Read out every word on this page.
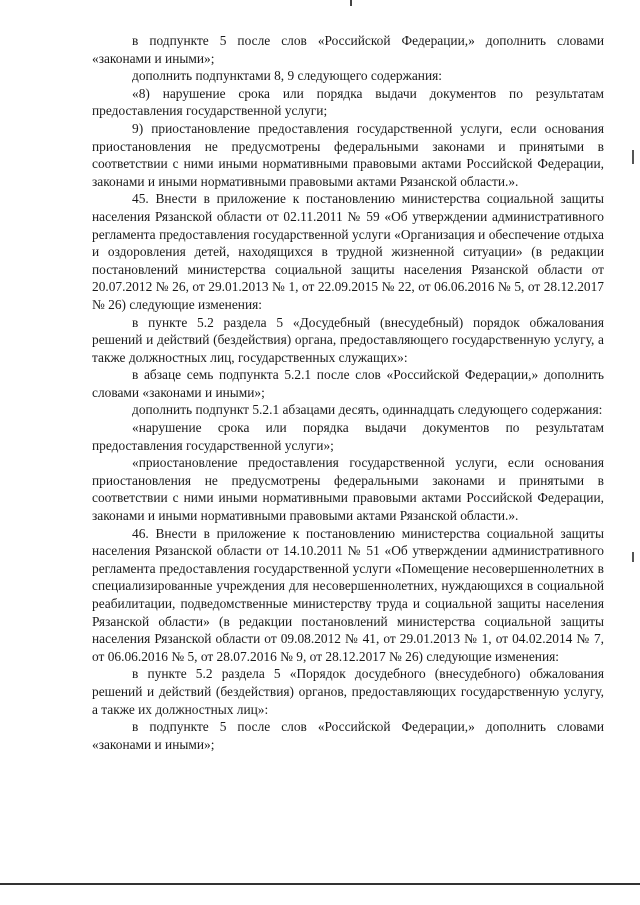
в подпункте 5 после слов «Российской Федерации,» дополнить словами «законами и иными»;

дополнить подпунктами 8, 9 следующего содержания:

«8) нарушение срока или порядка выдачи документов по результатам предоставления государственной услуги;

9) приостановление предоставления государственной услуги, если основания приостановления не предусмотрены федеральными законами и принятыми в соответствии с ними иными нормативными правовыми актами Российской Федерации, законами и иными нормативными правовыми актами Рязанской области.».

45. Внести в приложение к постановлению министерства социальной защиты населения Рязанской области от 02.11.2011 № 59 «Об утверждении административного регламента предоставления государственной услуги «Организация и обеспечение отдыха и оздоровления детей, находящихся в трудной жизненной ситуации» (в редакции постановлений министерства социальной защиты населения Рязанской области от 20.07.2012 № 26, от 29.01.2013 № 1, от 22.09.2015 № 22, от 06.06.2016 № 5, от 28.12.2017 № 26) следующие изменения:

в пункте 5.2 раздела 5 «Досудебный (внесудебный) порядок обжалования решений и действий (бездействия) органа, предоставляющего государственную услугу, а также должностных лиц, государственных служащих»:

в абзаце семь подпункта 5.2.1 после слов «Российской Федерации,» дополнить словами «законами и иными»;

дополнить подпункт 5.2.1 абзацами десять, одиннадцать следующего содержания:

«нарушение срока или порядка выдачи документов по результатам предоставления государственной услуги»;

«приостановление предоставления государственной услуги, если основания приостановления не предусмотрены федеральными законами и принятыми в соответствии с ними иными нормативными правовыми актами Российской Федерации, законами и иными нормативными правовыми актами Рязанской области.».

46. Внести в приложение к постановлению министерства социальной защиты населения Рязанской области от 14.10.2011 № 51 «Об утверждении административного регламента предоставления государственной услуги «Помещение несовершеннолетних в специализированные учреждения для несовершеннолетних, нуждающихся в социальной реабилитации, подведомственные министерству труда и социальной защиты населения Рязанской области» (в редакции постановлений министерства социальной защиты населения Рязанской области от 09.08.2012 № 41, от 29.01.2013 № 1, от 04.02.2014 № 7, от 06.06.2016 № 5, от 28.07.2016 № 9, от 28.12.2017 № 26) следующие изменения:

в пункте 5.2 раздела 5 «Порядок досудебного (внесудебного) обжалования решений и действий (бездействия) органов, предоставляющих государственную услугу, а также их должностных лиц»:

в подпункте 5 после слов «Российской Федерации,» дополнить словами «законами и иными»;
